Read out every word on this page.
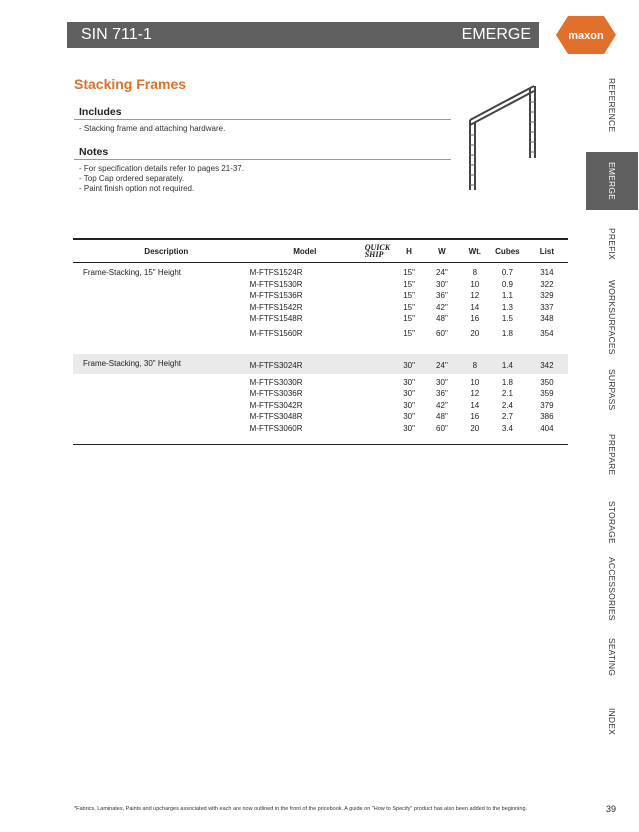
SIN 711-1	EMERGE	maxon
Stacking Frames
Includes
- Stacking frame and attaching hardware.
Notes
- For specification details refer to pages 21-37.
- Top Cap ordered separately.
- Paint finish option not required.
Description	Model	QUICK
SHIP	H	W	Wt.	Cubes	List
Frame-Stacking, 15" Height	M-FTFS1524R		15"	24"	8	0.7	314
	M-FTFS1530R		15"	30"	10	0.9	322
	M-FTFS1536R		15"	36"	12	1.1	329
	M-FTFS1542R		15"	42"	14	1.3	337
	M-FTFS1548R		15"	48"	16	1.5	348
	M-FTFS1560R		15"	60"	20	1.8	354

Frame-Stacking, 30" Height	M-FTFS3024R		30"	24"	8	1.4	342
	M-FTFS3030R		30"	30"	10	1.8	350
	M-FTFS3036R		30"	36"	12	2.1	359
	M-FTFS3042R		30"	42"	14	2.4	379
	M-FTFS3048R		30"	48"	16	2.7	386
	M-FTFS3060R		30"	60"	20	3.4	404
REFERENCE
EMERGE
PREFIX
WORKSURFACES
SURPASS
PREPARE
STORAGE
ACCESSORIES
SEATING
INDEX
*Fabrics, Laminates, Paints and upcharges associated with each are now outlined in the front of the pricebook. A guide on "How to Specify" product has also been added to the beginning.	39
